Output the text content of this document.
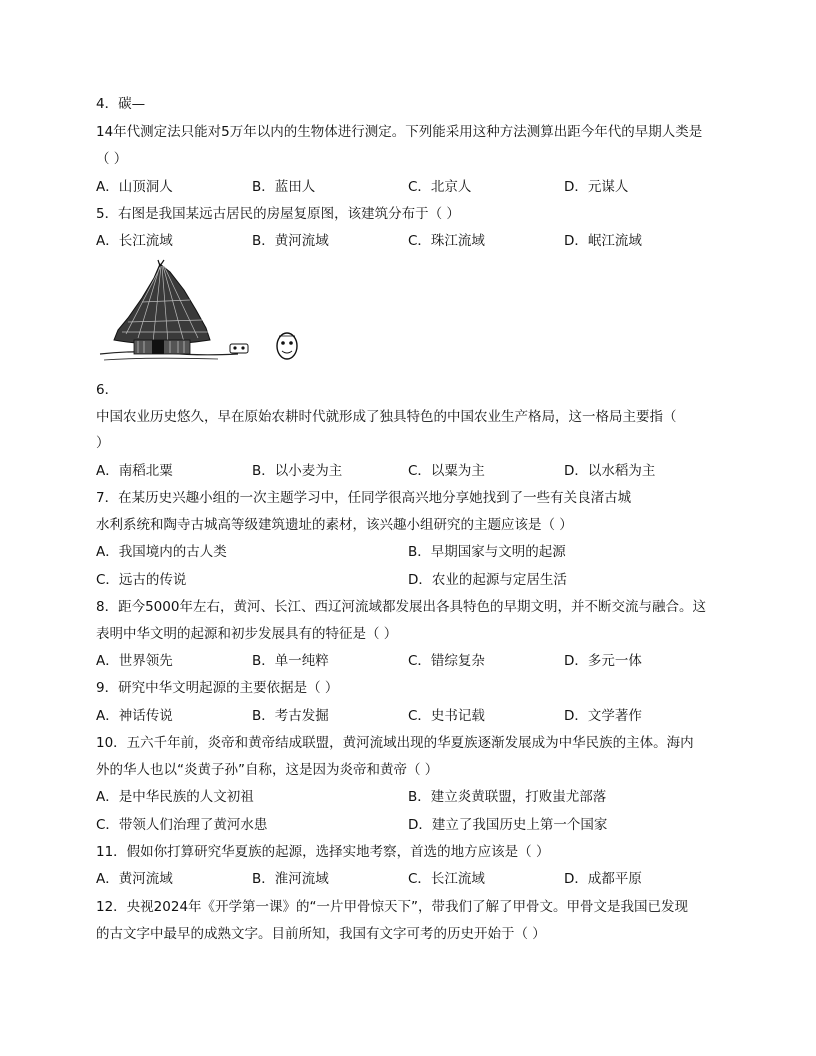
4．碳—
14年代测定法只能对5万年以内的生物体进行测定。下列能采用这种方法测算出距今年代的早期人类是
（ ）
A．山顶洞人	B．蓝田人	C．北京人	D．元谋人
5．右图是我国某远古居民的房屋复原图，该建筑分布于（ ）
A．长江流域	B．黄河流域	C．珠江流域	D．岷江流域
6．
中国农业历史悠久，早在原始农耕时代就形成了独具特色的中国农业生产格局，这一格局主要指（
）
A．南稻北粟	B．以小麦为主	C．以粟为主	D．以水稻为主
7．在某历史兴趣小组的一次主题学习中，任同学很高兴地分享她找到了一些有关良渚古城
水利系统和陶寺古城高等级建筑遗址的素材，该兴趣小组研究的主题应该是（ ）
A．我国境内的古人类	B．早期国家与文明的起源
C．远古的传说	D．农业的起源与定居生活
8．距今5000年左右，黄河、长江、西辽河流域都发展出各具特色的早期文明，并不断交流与融合。这
表明中华文明的起源和初步发展具有的特征是（ ）
A．世界领先	B．单一纯粹	C．错综复杂	D．多元一体
9．研究中华文明起源的主要依据是（ ）
A．神话传说	B．考古发掘	C．史书记载	D．文学著作
10．五六千年前，炎帝和黄帝结成联盟，黄河流域出现的华夏族逐渐发展成为中华民族的主体。海内
外的华人也以“炎黄子孙”自称，这是因为炎帝和黄帝（ ）
A．是中华民族的人文初祖	B．建立炎黄联盟，打败蚩尤部落
C．带领人们治理了黄河水患	D．建立了我国历史上第一个国家
11．假如你打算研究华夏族的起源，选择实地考察，首选的地方应该是（ ）
A．黄河流域	B．淮河流域	C．长江流域	D．成都平原
12．央视2024年《开学第一课》的“一片甲骨惊天下”，带我们了解了甲骨文。甲骨文是我国已发现
的古文字中最早的成熟文字。目前所知，我国有文字可考的历史开始于（ ）
